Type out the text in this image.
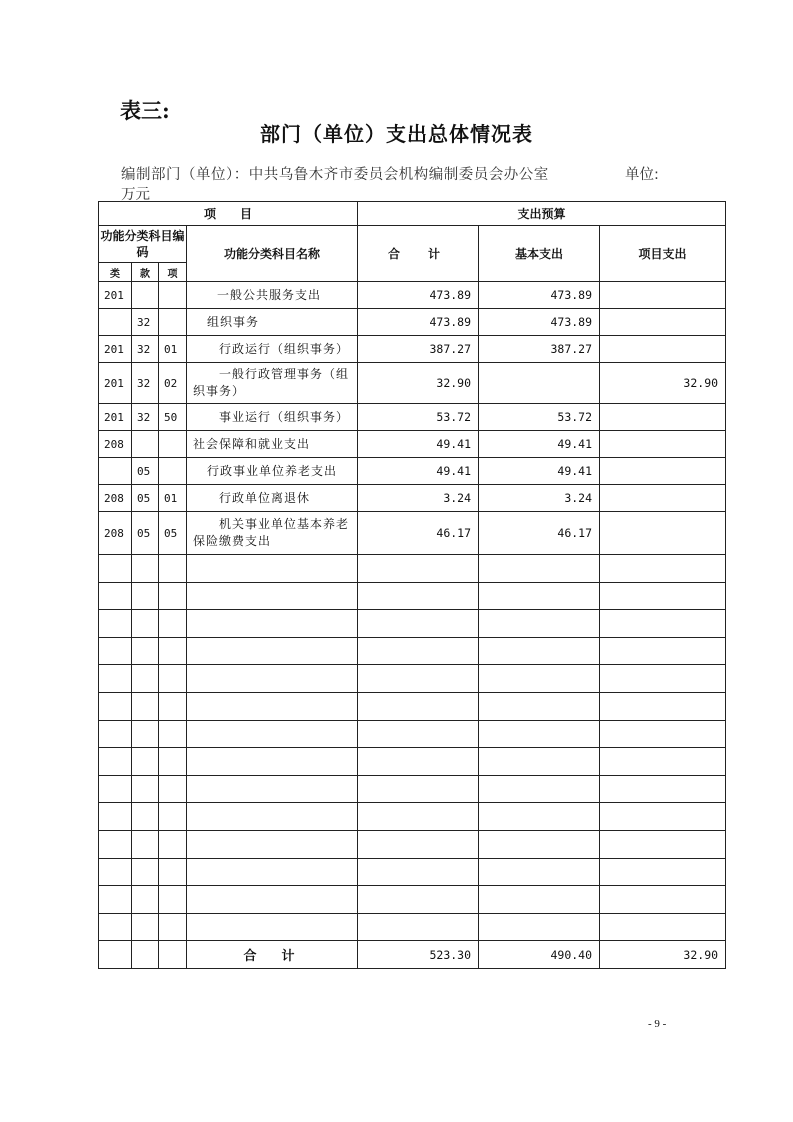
表三:
部门（单位）支出总体情况表
编制部门（单位）：中共乌鲁木齐市委员会机构编制委员会办公室	单位:
万元
项　　目				支出预算		
功能分类科目编码			功能分类科目名称	合　计	基本支出	项目支出
类	款	项				
201			一般公共服务支出	473.89	473.89	
	32		组织事务	473.89	473.89	
201	32	01	行政运行（组织事务）	387.27	387.27	
201	32	02	　　一般行政管理事务（组织事务）	32.90		32.90
201	32	50	事业运行（组织事务）	53.72	53.72	
208			社会保障和就业支出	49.41	49.41	
	05		行政事业单位养老支出	49.41	49.41	
208	05	01	行政单位离退休	3.24	3.24	
208	05	05	　　机关事业单位基本养老保险缴费支出	46.17	46.17	

			合　计	523.30	490.40	32.90
- 9 -
